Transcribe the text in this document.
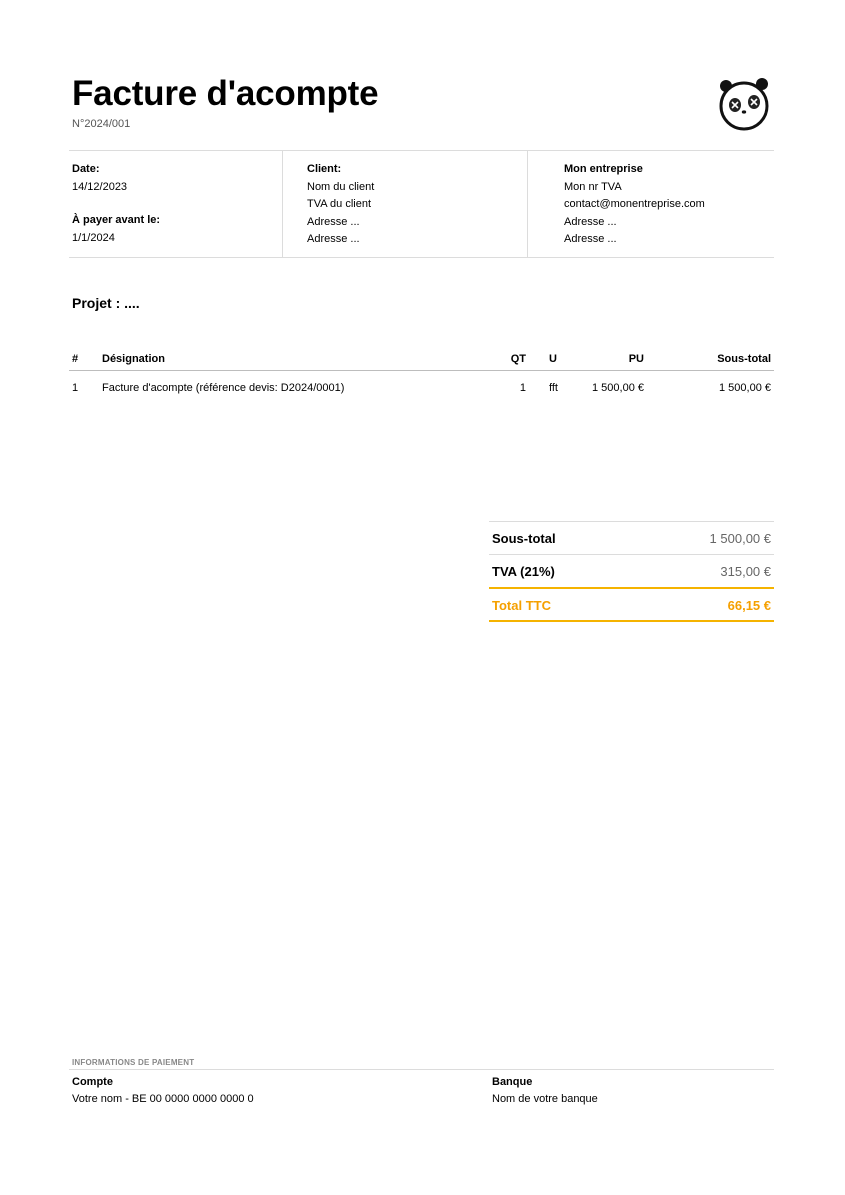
Facture d'acompte
N°2024/001
Date:
14/12/2023
À payer avant le:
1/1/2024
Client:
Nom du client
TVA du client
Adresse ...
Adresse ...
Mon entreprise
Mon nr TVA
contact@monentreprise.com
Adresse ...
Adresse ...
Projet : ....
# Désignation	QT U	PU	Sous-total
1 Facture d'acompte (référence devis: D2024/0001)	1 fft	1 500,00 €	1 500,00 €
Sous-total	1 500,00 €
TVA (21%)	315,00 €
Total TTC	66,15 €
INFORMATIONS DE PAIEMENT
Compte
Votre nom - BE 00 0000 0000 0000 0
Banque
Nom de votre banque
